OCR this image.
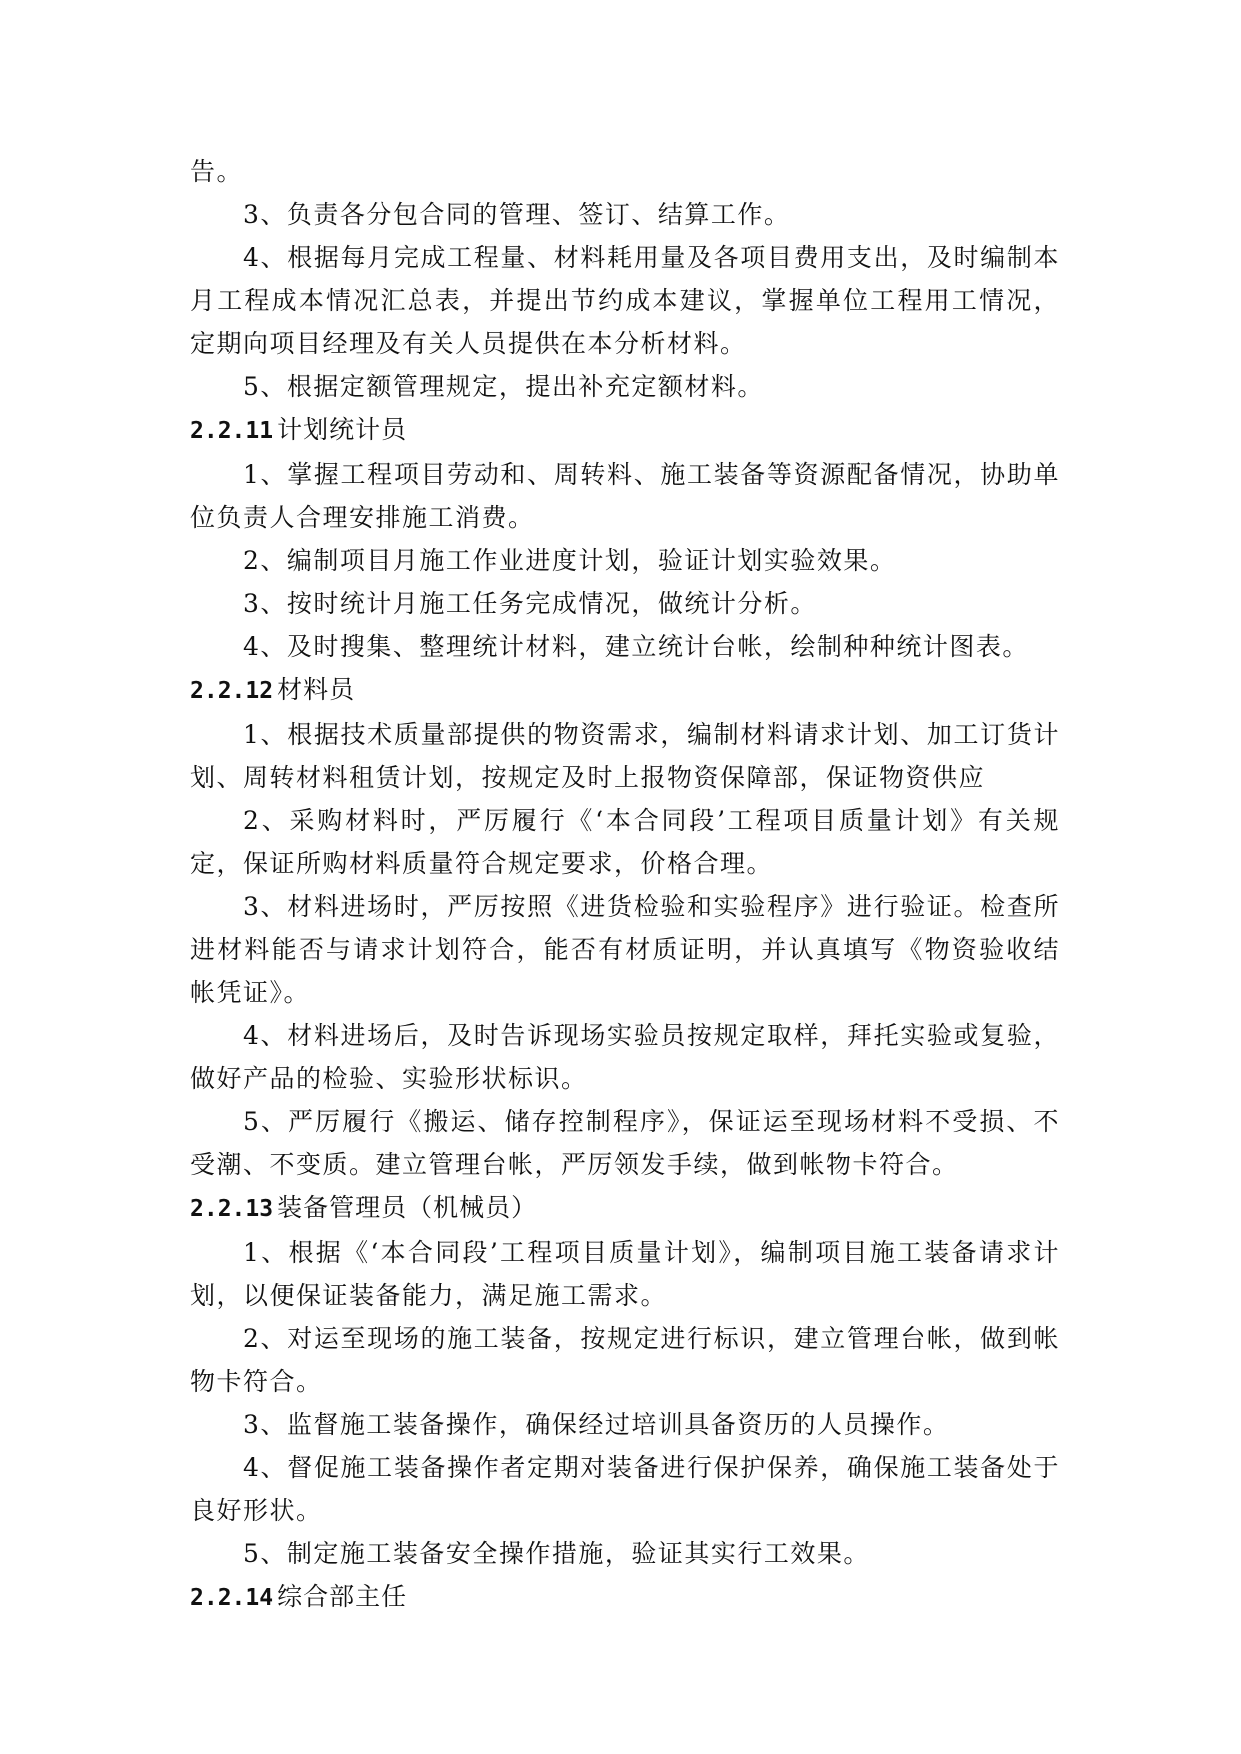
告。

3、负责各分包合同的管理、签订、结算工作。

4、根据每月完成工程量、材料耗用量及各项目费用支出，及时编制本月工程成本情况汇总表，并提出节约成本建议，掌握单位工程用工情况，定期向项目经理及有关人员提供在本分析材料。

5、根据定额管理规定，提出补充定额材料。

2.2.11 计划统计员

1、掌握工程项目劳动和、周转料、施工装备等资源配备情况，协助单位负责人合理安排施工消费。

2、编制项目月施工作业进度计划，验证计划实验效果。

3、按时统计月施工任务完成情况，做统计分析。

4、及时搜集、整理统计材料，建立统计台帐，绘制种种统计图表。

2.2.12 材料员

1、根据技术质量部提供的物资需求，编制材料请求计划、加工订货计划、周转材料租赁计划，按规定及时上报物资保障部，保证物资供应

2、采购材料时，严厉履行《‘本合同段’工程项目质量计划》有关规定，保证所购材料质量符合规定要求，价格合理。

3、材料进场时，严厉按照《进货检验和实验程序》进行验证。检查所进材料能否与请求计划符合，能否有材质证明，并认真填写《物资验收结帐凭证》。

4、材料进场后，及时告诉现场实验员按规定取样，拜托实验或复验，做好产品的检验、实验形状标识。

5、严厉履行《搬运、储存控制程序》，保证运至现场材料不受损、不受潮、不变质。建立管理台帐，严厉领发手续，做到帐物卡符合。

2.2.13 装备管理员（机械员）

1、根据《‘本合同段’工程项目质量计划》，编制项目施工装备请求计划，以便保证装备能力，满足施工需求。

2、对运至现场的施工装备，按规定进行标识，建立管理台帐，做到帐物卡符合。

3、监督施工装备操作，确保经过培训具备资历的人员操作。

4、督促施工装备操作者定期对装备进行保护保养，确保施工装备处于良好形状。

5、制定施工装备安全操作措施，验证其实行工效果。

2.2.14 综合部主任
